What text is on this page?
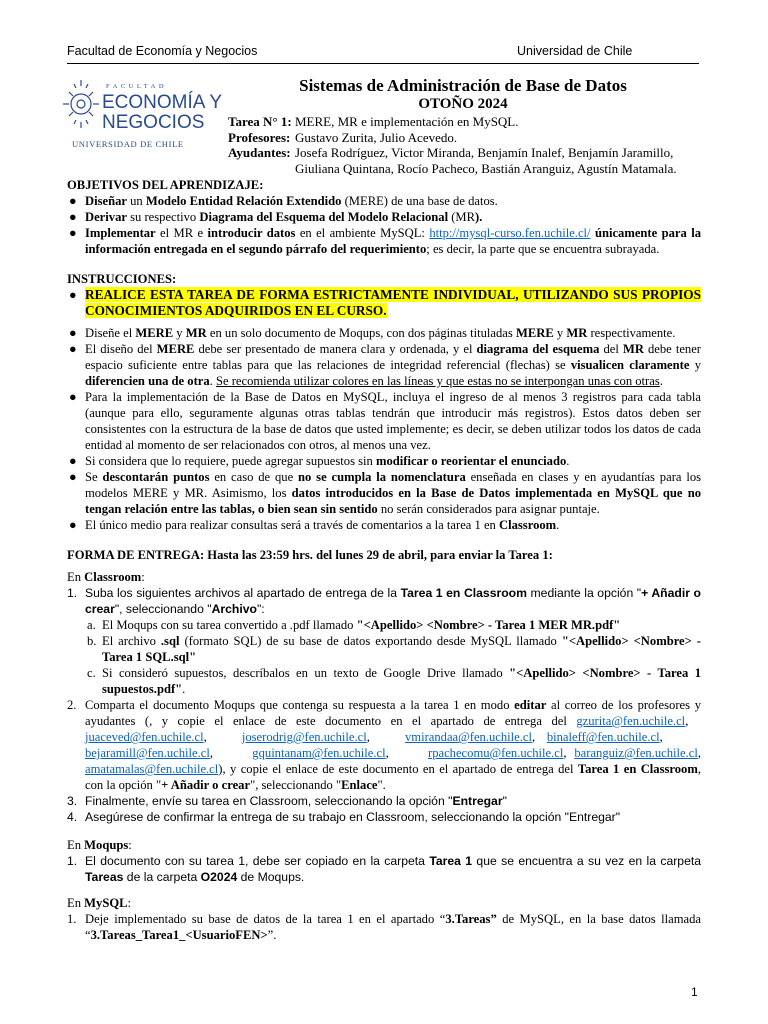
Facultad de Economía y Negocios	Universidad de Chile
FACULTAD
ECONOMÍA Y
NEGOCIOS
UNIVERSIDAD DE CHILE
Sistemas de Administración de Base de Datos
OTOÑO 2024
Tarea N° 1:	MERE, MR e implementación en MySQL.
Profesores:	Gustavo Zurita, Julio Acevedo.
Ayudantes:	Josefa Rodríguez, Victor Miranda, Benjamín Inalef, Benjamín Jaramillo, Giuliana Quintana, Rocío Pacheco, Bastián Aranguiz, Agustín Matamala.
OBJETIVOS DEL APRENDIZAJE:
● Diseñar un Modelo Entidad Relación Extendido (MERE) de una base de datos.
● Derivar su respectivo Diagrama del Esquema del Modelo Relacional (MR).
● Implementar el MR e introducir datos en el ambiente MySQL: http://mysql-curso.fen.uchile.cl/ únicamente para la información entregada en el segundo párrafo del requerimiento; es decir, la parte que se encuentra subrayada.
INSTRUCCIONES:
● REALICE ESTA TAREA DE FORMA ESTRICTAMENTE INDIVIDUAL, UTILIZANDO SUS PROPIOS CONOCIMIENTOS ADQUIRIDOS EN EL CURSO.
● Diseñe el MERE y MR en un solo documento de Moqups, con dos páginas tituladas MERE y MR respectivamente.
● El diseño del MERE debe ser presentado de manera clara y ordenada, y el diagrama del esquema del MR debe tener espacio suficiente entre tablas para que las relaciones de integridad referencial (flechas) se visualicen claramente y diferencien una de otra. Se recomienda utilizar colores en las líneas y que estas no se interpongan unas con otras.
● Para la implementación de la Base de Datos en MySQL, incluya el ingreso de al menos 3 registros para cada tabla (aunque para ello, seguramente algunas otras tablas tendrán que introducir más registros). Estos datos deben ser consistentes con la estructura de la base de datos que usted implemente; es decir, se deben utilizar todos los datos de cada entidad al momento de ser relacionados con otros, al menos una vez.
● Si considera que lo requiere, puede agregar supuestos sin modificar o reorientar el enunciado.
● Se descontarán puntos en caso de que no se cumpla la nomenclatura enseñada en clases y en ayudantías para los modelos MERE y MR. Asimismo, los datos introducidos en la Base de Datos implementada en MySQL que no tengan relación entre las tablas, o bien sean sin sentido no serán considerados para asignar puntaje.
● El único medio para realizar consultas será a través de comentarios a la tarea 1 en Classroom.
FORMA DE ENTREGA: Hasta las 23:59 hrs. del lunes 29 de abril, para enviar la Tarea 1:
En Classroom:
1. Suba los siguientes archivos al apartado de entrega de la Tarea 1 en Classroom mediante la opción "+ Añadir o crear", seleccionando "Archivo":
a. El Moqups con su tarea convertido a .pdf llamado "<Apellido> <Nombre> - Tarea 1 MER MR.pdf"
b. El archivo .sql (formato SQL) de su base de datos exportando desde MySQL llamado "<Apellido> <Nombre> - Tarea 1 SQL.sql"
c. Si consideró supuestos, descríbalos en un texto de Google Drive llamado "<Apellido> <Nombre> - Tarea 1 supuestos.pdf".
2. Comparta el documento Moqups que contenga su respuesta a la tarea 1 en modo editar al correo de los profesores y ayudantes (, y copie el enlace de este documento en el apartado de entrega del gzurita@fen.uchile.cl,   juaceved@fen.uchile.cl,   joserodrig@fen.uchile.cl,   vmirandaa@fen.uchile.cl, binaleff@fen.uchile.cl,     bejaramill@fen.uchile.cl,     gquintanam@fen.uchile.cl,     rpachecomu@fen.uchile.cl, baranguiz@fen.uchile.cl, amatamalas@fen.uchile.cl), y copie el enlace de este documento en el apartado de entrega del Tarea 1 en Classroom, con la opción "+ Añadir o crear", seleccionando "Enlace".
3. Finalmente, envíe su tarea en Classroom, seleccionando la opción "Entregar"
4. Asegúrese de confirmar la entrega de su trabajo en Classroom, seleccionando la opción "Entregar"
En Moqups:
1. El documento con su tarea 1, debe ser copiado en la carpeta Tarea 1 que se encuentra a su vez en la carpeta Tareas de la carpeta O2024 de Moqups.
En MySQL:
1. Deje implementado su base de datos de la tarea 1 en el apartado “3.Tareas” de MySQL, en la base datos llamada “3.Tareas_Tarea1_<UsuarioFEN>”.
1
